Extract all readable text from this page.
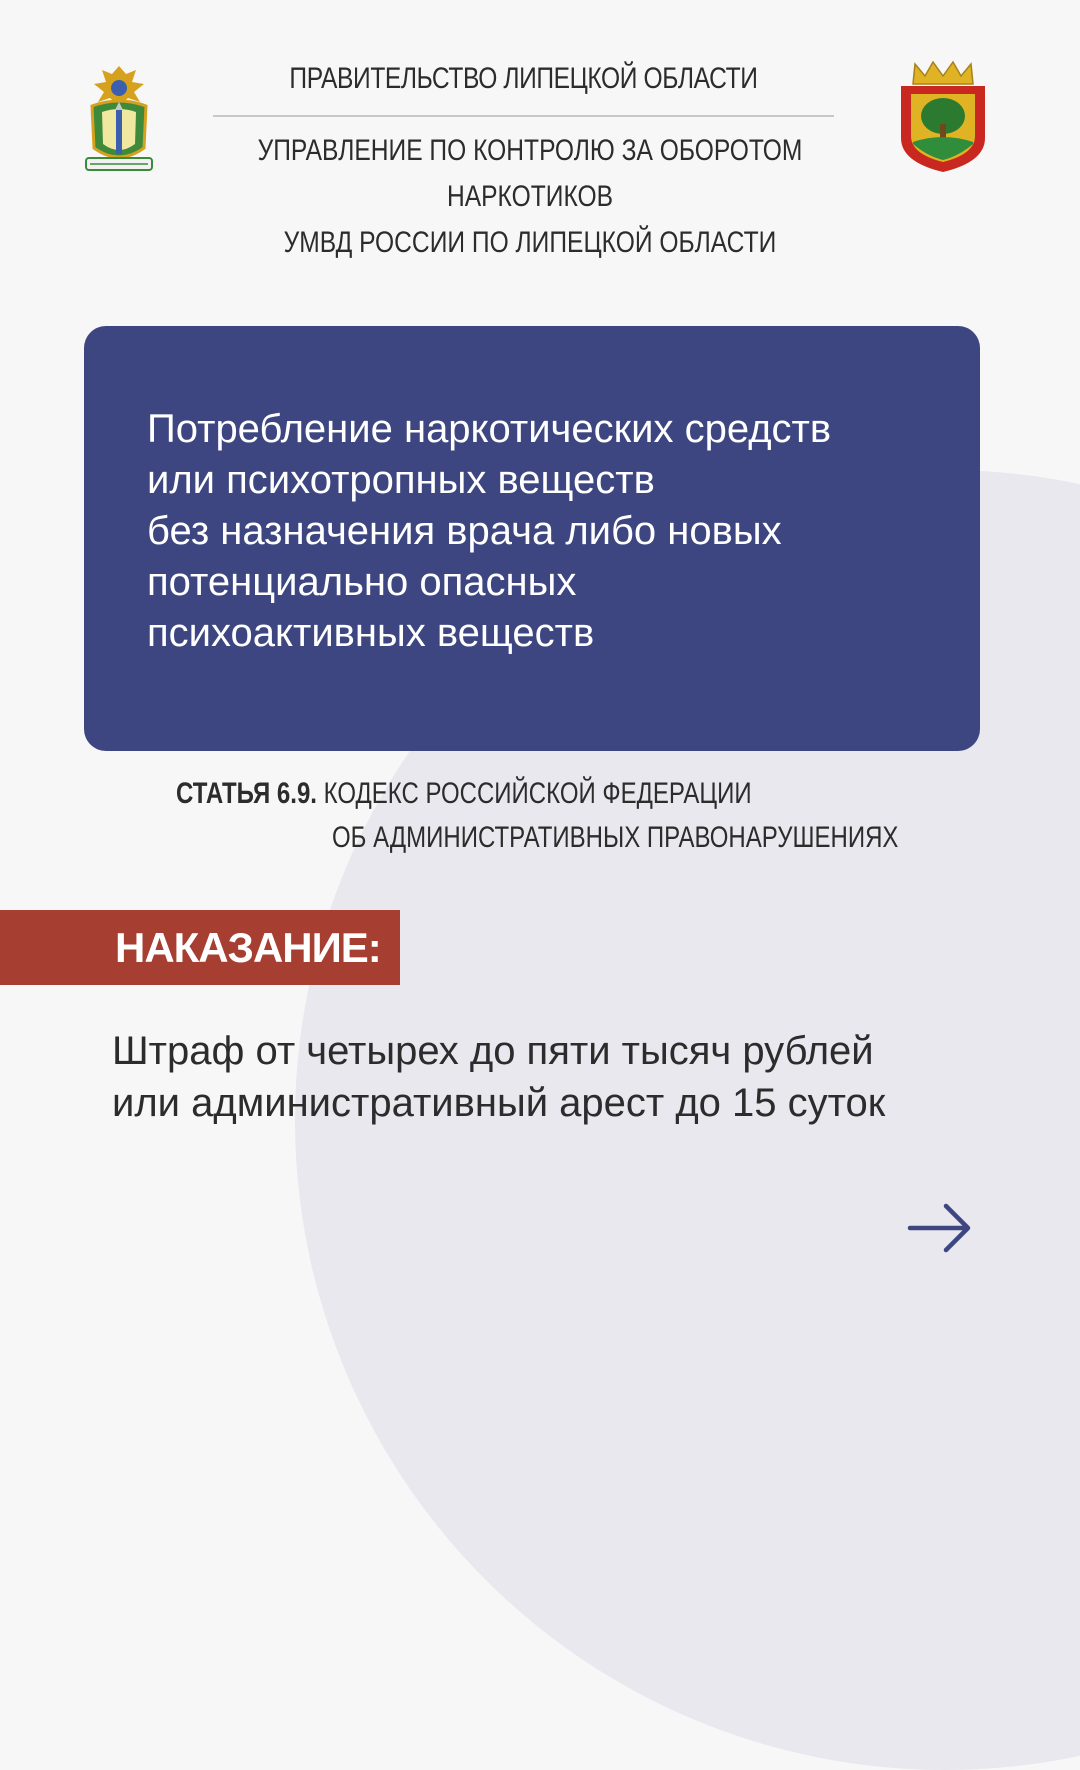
ПРАВИТЕЛЬСТВО ЛИПЕЦКОЙ ОБЛАСТИ
УПРАВЛЕНИЕ ПО КОНТРОЛЮ ЗА ОБОРОТОМ НАРКОТИКОВ
УМВД РОССИИ ПО ЛИПЕЦКОЙ ОБЛАСТИ
Потребление наркотических средств
или психотропных веществ
без назначения врача либо новых
потенциально опасных
психоактивных веществ
СТАТЬЯ 6.9. КОДЕКС РОССИЙСКОЙ ФЕДЕРАЦИИ
ОБ АДМИНИСТРАТИВНЫХ ПРАВОНАРУШЕНИЯХ
НАКАЗАНИЕ:
Штраф от четырех до пяти тысяч рублей
или административный арест до 15 суток
